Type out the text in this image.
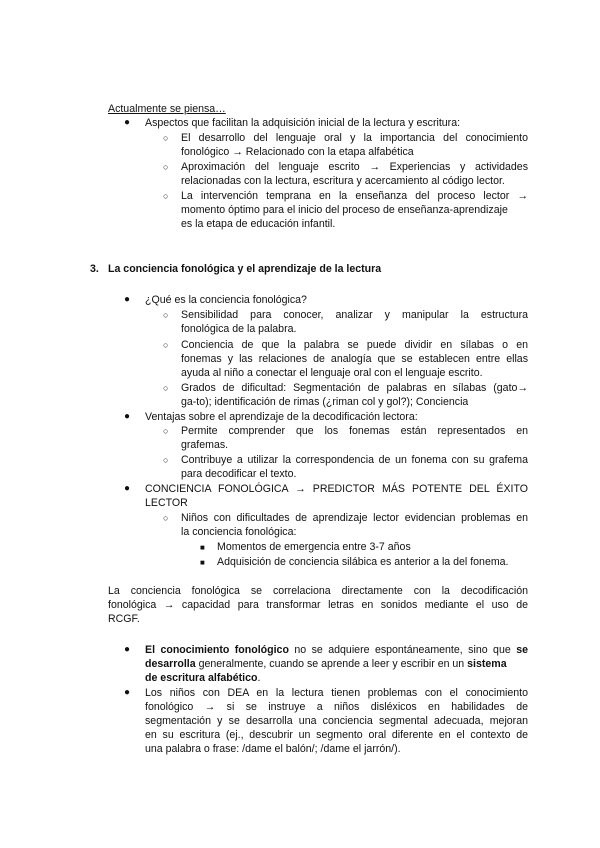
Actualmente se piensa…
● Aspectos que facilitan la adquisición inicial de la lectura y escritura:
○ El desarrollo del lenguaje oral y la importancia del conocimiento
fonológico → Relacionado con la etapa alfabética
○ Aproximación del lenguaje escrito → Experiencias y actividades
relacionadas con la lectura, escritura y acercamiento al código lector.
○ La intervención temprana en la enseñanza del proceso lector →
momento óptimo para el inicio del proceso de enseñanza-aprendizaje
es la etapa de educación infantil.
3. La conciencia fonológica y el aprendizaje de la lectura
● ¿Qué es la conciencia fonológica?
○ Sensibilidad para conocer, analizar y manipular la estructura
fonológica de la palabra.
○ Conciencia de que la palabra se puede dividir en sílabas o en
fonemas y las relaciones de analogía que se establecen entre ellas
ayuda al niño a conectar el lenguaje oral con el lenguaje escrito.
○ Grados de dificultad: Segmentación de palabras en sílabas (gato→
ga-to); identificación de rimas (¿riman col y gol?); Conciencia
● Ventajas sobre el aprendizaje de la decodificación lectora:
○ Permite comprender que los fonemas están representados en
grafemas.
○ Contribuye a utilizar la correspondencia de un fonema con su grafema
para decodificar el texto.
● CONCIENCIA FONOLÓGICA → PREDICTOR MÁS POTENTE DEL ÉXITO
LECTOR
○ Niños con dificultades de aprendizaje lector evidencian problemas en
la conciencia fonológica:
■ Momentos de emergencia entre 3-7 años
■ Adquisición de conciencia silábica es anterior a la del fonema.
La conciencia fonológica se correlaciona directamente con la decodificación
fonológica → capacidad para transformar letras en sonidos mediante el uso de
RCGF.
● El conocimiento fonológico no se adquiere espontáneamente, sino que se
desarrolla generalmente, cuando se aprende a leer y escribir en un sistema
de escritura alfabético.
● Los niños con DEA en la lectura tienen problemas con el conocimiento
fonológico → si se instruye a niños disléxicos en habilidades de
segmentación y se desarrolla una conciencia segmental adecuada, mejoran
en su escritura (ej., descubrir un segmento oral diferente en el contexto de
una palabra o frase: /dame el balón/; /dame el jarrón/).
